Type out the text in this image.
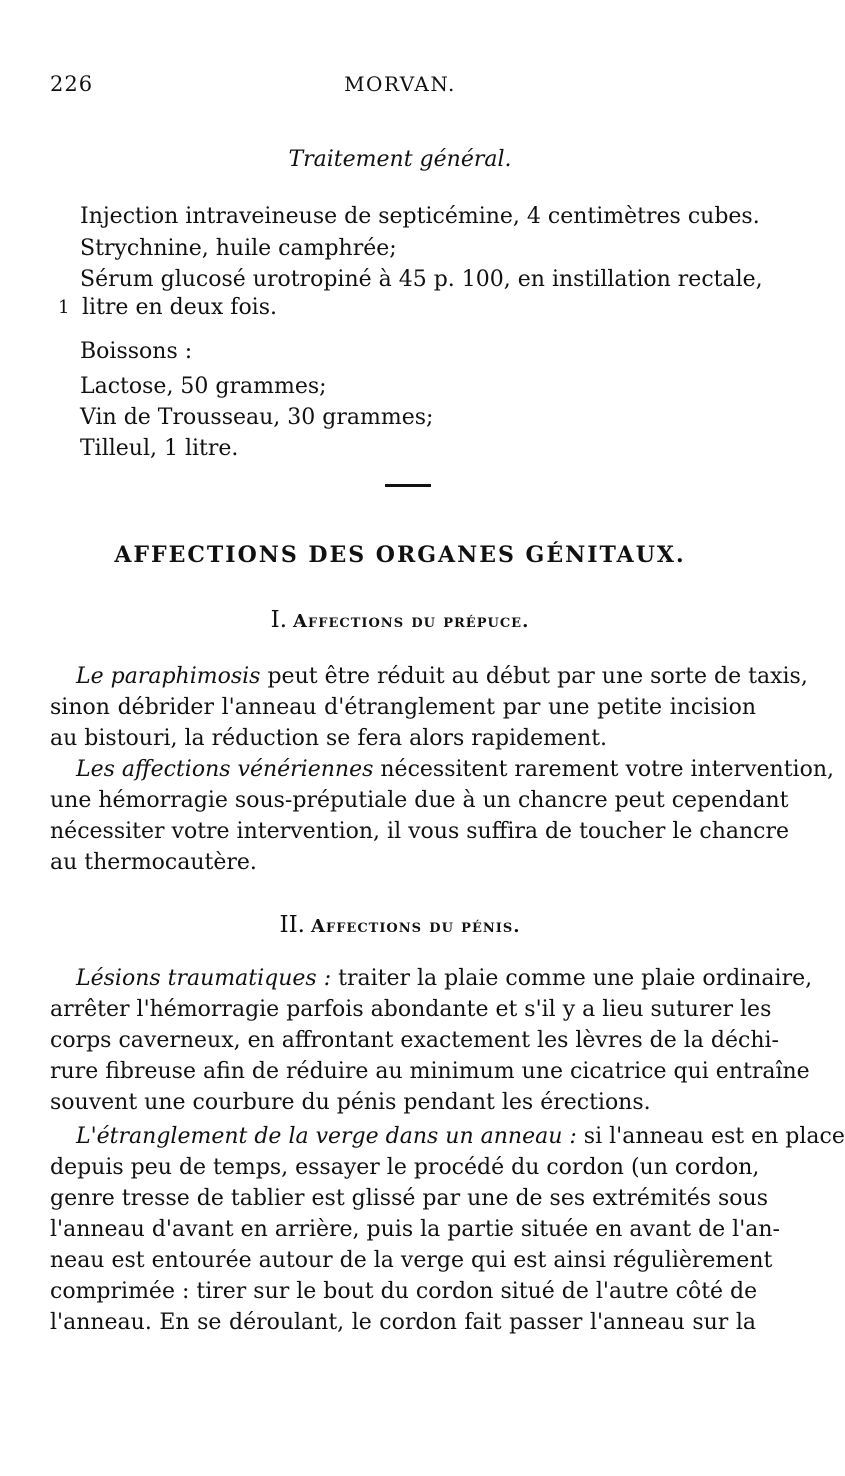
226	MORVAN.
Traitement général.
Injection intraveineuse de septicémine, 4 centimètres cubes.
Strychnine, huile camphrée;
Sérum glucosé urotropiné à 45 p. 100, en instillation rectale,
1 litre en deux fois.
Boissons :
Lactose, 50 grammes;
Vin de Trousseau, 30 grammes;
Tilleul, 1 litre.
AFFECTIONS DES ORGANES GÉNITAUX.
I. Affections du prépuce.
Le paraphimosis peut être réduit au début par une sorte de taxis,
sinon débrider l'anneau d'étranglement par une petite incision
au bistouri, la réduction se fera alors rapidement.
Les affections vénériennes nécessitent rarement votre intervention,
une hémorragie sous-préputiale due à un chancre peut cependant
nécessiter votre intervention, il vous suffira de toucher le chancre
au thermocautère.
II. Affections du pénis.
Lésions traumatiques : traiter la plaie comme une plaie ordinaire,
arrêter l'hémorragie parfois abondante et s'il y a lieu suturer les
corps caverneux, en affrontant exactement les lèvres de la déchi-
rure fibreuse afin de réduire au minimum une cicatrice qui entraîne
souvent une courbure du pénis pendant les érections.
L'étranglement de la verge dans un anneau : si l'anneau est en place
depuis peu de temps, essayer le procédé du cordon (un cordon,
genre tresse de tablier est glissé par une de ses extrémités sous
l'anneau d'avant en arrière, puis la partie située en avant de l'an-
neau est entourée autour de la verge qui est ainsi régulièrement
comprimée : tirer sur le bout du cordon situé de l'autre côté de
l'anneau. En se déroulant, le cordon fait passer l'anneau sur la
